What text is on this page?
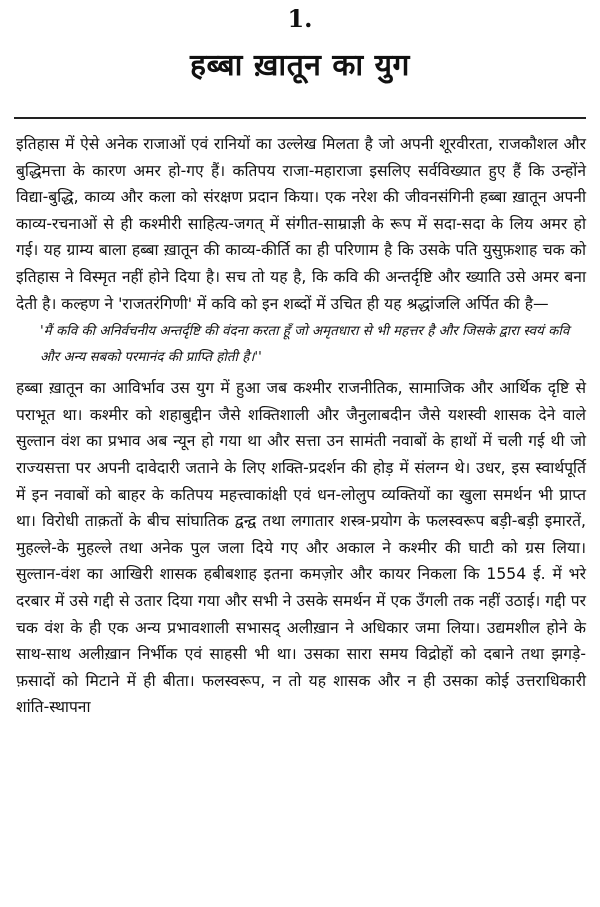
1.
हब्बा ख़ातून का युग

इतिहास में ऐसे अनेक राजाओं एवं रानियों का उल्लेख मिलता है जो अपनी शूरवीरता, राजकौशल और बुद्धिमत्ता के कारण अमर हो-गए हैं। कतिपय राजा-महाराजा इसलिए सर्वविख्यात हुए हैं कि उन्होंने विद्या-बुद्धि, काव्य और कला को संरक्षण प्रदान किया। एक नरेश की जीवनसंगिनी हब्बा ख़ातून अपनी काव्य-रचनाओं से ही कश्मीरी साहित्य-जगत् में संगीत-साम्राज्ञी के रूप में सदा-सदा के लिय अमर हो गई। यह ग्राम्य बाला हब्बा ख़ातून की काव्य-कीर्ति का ही परिणाम है कि उसके पति युसुफ़शाह चक को इतिहास ने विस्मृत नहीं होने दिया है। सच तो यह है, कि कवि की अन्तर्दृष्टि और ख्याति उसे अमर बना देती है। कल्हण ने 'राजतरंगिणी' में कवि को इन शब्दों में उचित ही यह श्रद्धांजलि अर्पित की है—

'मैं कवि की अनिर्वचनीय अन्तर्दृष्टि की वंदना करता हूँ जो अमृतधारा से भी महत्तर है और जिसके द्वारा स्वयं कवि और अन्य सबको परमानंद की प्राप्ति होती है।''

हब्बा ख़ातून का आविर्भाव उस युग में हुआ जब कश्मीर राजनीतिक, सामाजिक और आर्थिक दृष्टि से पराभूत था। कश्मीर को शहाबुद्दीन जैसे शक्तिशाली और जैनुलाबदीन जैसे यशस्वी शासक देने वाले सुल्तान वंश का प्रभाव अब न्यून हो गया था और सत्ता उन सामंती नवाबों के हाथों में चली गई थी जो राज्यसत्ता पर अपनी दावेदारी जताने के लिए शक्ति-प्रदर्शन की होड़ में संलग्न थे। उधर, इस स्वार्थपूर्ति में इन नवाबों को बाहर के कतिपय महत्त्वाकांक्षी एवं धन-लोलुप व्यक्तियों का खुला समर्थन भी प्राप्त था। विरोधी ताक़तों के बीच सांघातिक द्वन्द्व तथा लगातार शस्त्र-प्रयोग के फलस्वरूप बड़ी-बड़ी इमारतें, मुहल्ले-के मुहल्ले तथा अनेक पुल जला दिये गए और अकाल ने कश्मीर की घाटी को ग्रस लिया। सुल्तान-वंश का आखिरी शासक हबीबशाह इतना कमज़ोर और कायर निकला कि 1554 ई. में भरे दरबार में उसे गद्दी से उतार दिया गया और सभी ने उसके समर्थन में एक उँगली तक नहीं उठाई। गद्दी पर चक वंश के ही एक अन्य प्रभावशाली सभासद् अलीख़ान ने अधिकार जमा लिया। उद्यमशील होने के साथ-साथ अलीख़ान निर्भीक एवं साहसी भी था। उसका सारा समय विद्रोहों को दबाने तथा झगड़े-फ़सादों को मिटाने में ही बीता। फलस्वरूप, न तो यह शासक और न ही उसका कोई उत्तराधिकारी शांति-स्थापना
